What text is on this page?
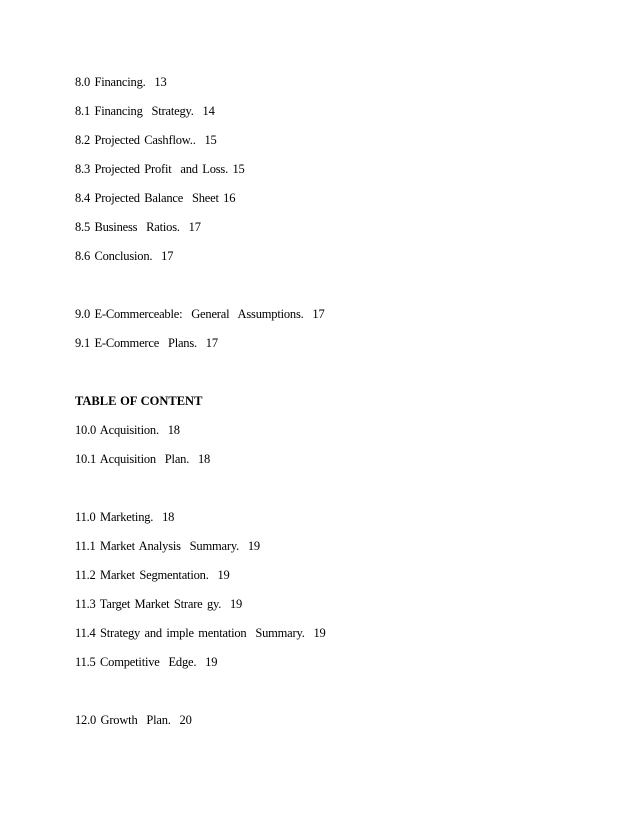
8.0 Financing.  13
8.1 Financing  Strategy.  14
8.2 Projected Cashflow..  15
8.3 Projected Profit  and Loss. 15
8.4 Projected Balance  Sheet 16
8.5 Business  Ratios.  17
8.6 Conclusion.  17
9.0 E-Commerceable:  General  Assumptions.  17
9.1 E-Commerce  Plans.  17
TABLE OF CONTENT
10.0 Acquisition.  18
10.1 Acquisition  Plan.  18
11.0 Marketing.  18
11.1 Market Analysis  Summary.  19
11.2 Market Segmentation.  19
11.3 Target Market Strare gy.  19
11.4 Strategy and imple mentation  Summary.  19
11.5 Competitive  Edge.  19
12.0 Growth  Plan.  20
